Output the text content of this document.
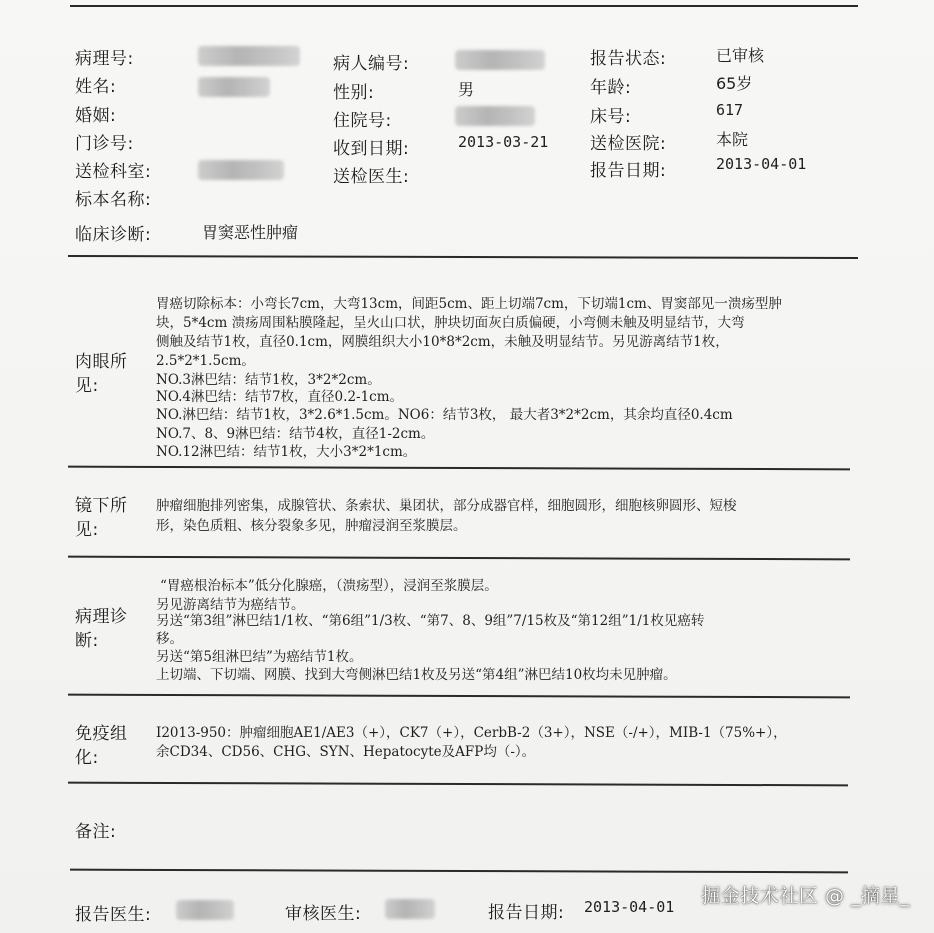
病理号:	病人编号:	报告状态:	已审核
姓名:	性别:	男	年龄:	65岁
婚姻:	住院号:	床号:	617
门诊号:	收到日期:	2013-03-21 送检医院:	本院
送检科室:	送检医生:	报告日期:	2013-04-01
标本名称:
临床诊断:	胃窦恶性肿瘤
肉眼所
见:
胃癌切除标本：小弯长7cm，大弯13cm，间距5cm、距上切端7cm，下切端1cm、胃窦部见一溃疡型肿
块，5*4cm 溃疡周围粘膜隆起，呈火山口状，肿块切面灰白质偏硬，小弯侧未触及明显结节，大弯
侧触及结节1枚，直径0.1cm，网膜组织大小10*8*2cm，未触及明显结节。另见游离结节1枚，
2.5*2*1.5cm。
NO.3淋巴结：结节1枚，3*2*2cm。
NO.4淋巴结：结节7枚，直径0.2-1cm。
NO.淋巴结：结节1枚，3*2.6*1.5cm。NO6：结节3枚， 最大者3*2*2cm，其余均直径0.4cm
NO.7、8、9淋巴结：结节4枚，直径1-2cm。
NO.12淋巴结：结节1枚，大小3*2*1cm。
镜下所
见:
肿瘤细胞排列密集，成腺管状、条索状、巢团状，部分成器官样，细胞圆形，细胞核卵圆形、短梭
形，染色质粗、核分裂象多见，肿瘤浸润至浆膜层。
病理诊
断:
“胃癌根治标本”低分化腺癌，（溃疡型），浸润至浆膜层。
另见游离结节为癌结节。
另送“第3组”淋巴结1/1枚、“第6组”1/3枚、“第7、8、9组”7/15枚及“第12组”1/1枚见癌转
移。
另送“第5组淋巴结”为癌结节1枚。
上切端、下切端、网膜、找到大弯侧淋巴结1枚及另送“第4组”淋巴结10枚均未见肿瘤。
免疫组
化:
I2013-950：肿瘤细胞AE1/AE3（+），CK7（+），CerbB-2（3+），NSE（-/+），MIB-1（75%+），
余CD34、CD56、CHG、SYN、Hepatocyte及AFP均（-）。
备注:
报告医生:	审核医生:	报告日期: 2013-04-01 掘金技术社区 @ _摘星_
